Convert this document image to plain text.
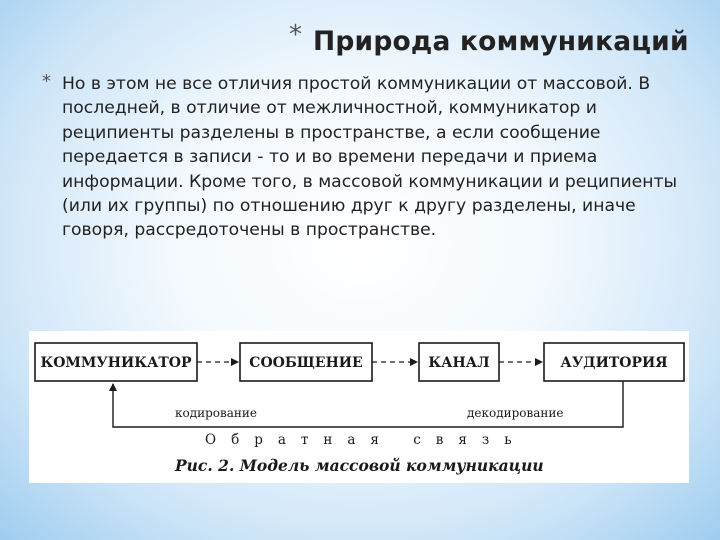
* Природа коммуникаций
* Но в этом не все отличия простой коммуникации от массовой. В последней, в отличие от межличностной, коммуникатор и реципиенты разделены в пространстве, а если сообщение передается в записи - то и во времени передачи и приема информации. Кроме того, в массовой коммуникации и реципиенты (или их группы) по отношению друг к другу разделены, иначе говоря, рассредоточены в пространстве.

КОММУНИКАТОР	СООБЩЕНИЕ	КАНАЛ	АУДИТОРИЯ
кодирование	декодирование
Обратная связь
Рис. 2. Модель массовой коммуникации
